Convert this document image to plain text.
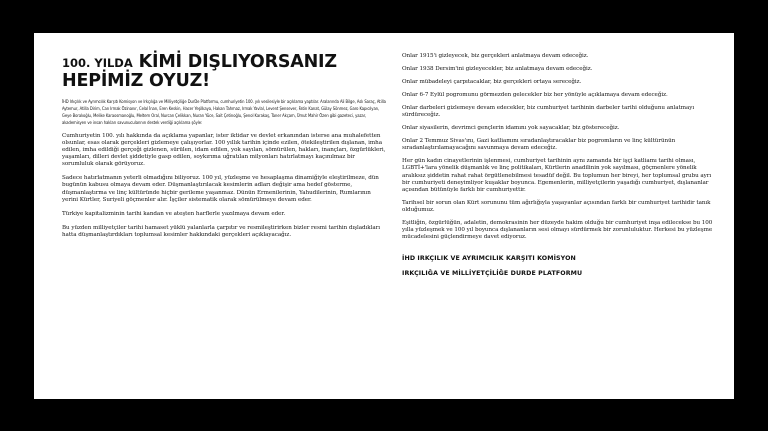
100. YILDA KİMİ DIŞLIYORSANIZ
HEPİMİZ OYUZ!

İHD Irkçılık ve Ayrımcılık Karşıtı Komisyon ve Irkçılığa ve Milliyetçiliğe DurDe Platformu, cumhuriyetin 100. yılı vesilesiyle bir açıklama yaptılar. Aralarında Ali Bilge, Aslı Saraç, Atilla Aytemur, Atilla Dirim, Can Irmak Özinanır, Celal İnan, Eren Keskin, Hacer Yeşilkaya, Hakan Tahmaz, Irmak Yavlal, Levent Şensever, Fatin Kanat, Gülay Sönmez, Garo Kapıcılyan, Geye Boralıoğlu, Melike Karaosmanoğlu, Meltem Oral, Nurcan Çelikkan, Nuran Yüce, Sait Çetinoğlu, Şenol Karakaş, Taner Akçam, Ümut Mahir Özen gibi gazeteci, yazar, akademisyen ve insan hakları savunucularının destek verdiği açıklama şöyle:

Cumhuriyetin 100. yılı hakkında da açıklama yapanlar, ister iktidar ve devlet erkanından isterse ana muhalefetten olsunlar, esas olarak gerçekleri gizlemeye çalışıyorlar. 100 yıllık tarihin içinde ezilen, ötekileştirilen dışlanan, imha edilen, imha edildiği gerçeği gizlenen, sürülen, idam edilen, yok sayılan, sömürülen, hakları, inançları, özgürlükleri, yaşamları, dilleri devlet şiddetiyle gasp edilen, soykırıma uğratılan milyonları hatırlatmayı kaçınılmaz bir sorumluluk olarak görüyoruz.

Sadece hatırlatmanın yeterli olmadığını biliyoruz. 100 yıl, yüzleşme ve hesaplaşma dinamiğiyle eleştirilmeze, dün bugünün kabusu olmaya devam eder. Düşmanlaştırılacak kesimlerin adları değişir ama hedef gösterme, düşmanlaştırma ve linç kültüründe hiçbir gerileme yaşanmaz. Dünün Ermenilerinin, Yahudilerinin, Rumlarının yerini Kürtler, Suriyeli göçmenler alır. İşçiler sistematik olarak sömürülmeye devam eder.

Türkiye kapitalizminin tarihi kandan ve ateşten harflerle yazılmaya devam eder.

Bu yüzden milliyetçiler tarihi hamaset yüklü yalanlarla çarpıtır ve resmileştirirken bizler resmi tarihin dışladıkları hatta düşmanlaştırdıkları toplumsal kesimler hakkındaki gerçekleri açıklayacağız.

Onlar 1915'i gizleyecek, biz gerçekleri anlatmaya devam edeceğiz.

Onlar 1938 Dersim'ini gizleyecekler, biz anlatmaya devam edeceğiz.

Onlar mübadeleyi çarpıtacaklar, biz gerçekleri ortaya sereceğiz.

Onlar 6-7 Eylül pogromunu görmezden gelecekler biz her yönüyle açıklamaya devam edeceğiz.

Onlar darbeleri gizlemeye devam edecekler, biz cumhuriyet tarihinin darbeler tarihi olduğunu anlatmayı sürdüreceğiz.

Onlar siyasilerin, devrimci gençlerin idamını yok sayacaklar, biz göstereceğiz.

Onlar 2 Temmuz Sivas'ını, Gazi katliamını sıradanlaştıracaklar biz pogromların ve linç kültürünün sıradanlaştırılamayacağını savunmaya devam edeceğiz.

Her gün kadın cinayetlerinin işlenmesi, cumhuriyet tarihinin aynı zamanda bir işçi katliamı tarihi olması, LGBTİ+'lara yönelik düşmanlık ve linç politikaları, Kürtlerin anadilinin yok sayılması, göçmenlere yönelik aralıksız şiddetin rahat rahat örgütlenebilmesi tesadüf değil. Bu toplumun her bireyi, her toplumsal grubu ayrı bir cumhuriyeti deneyimliyor kuşaklar boyunca. Egemenlerin, milliyetçilerin yaşadığı cumhuriyet, dışlananlar açısından bütünüyle farklı bir cumhuriyettir.

Tarihsel bir sorun olan Kürt sorununu tüm ağırlığıyla yaşayanlar açısından farklı bir cumhuriyet tarihidir tanık olduğumuz.

Eşitliğin, özgürlüğün, adaletin, demokrasinin her düzeyde hakim olduğu bir cumhuriyet inşa edilecekse bu 100 yılla yüzleşmek ve 100 yıl boyunca dışlananların sesi olmayı sürdürmek bir zorunluluktur. Herkesi bu yüzleşme mücadelesini güçlendirmeye davet ediyoruz.

İHD IRKÇILIK VE AYRIMCILIK KARŞITI KOMİSYON

IRKÇILIĞA VE MİLLİYETÇİLİĞE DURDE PLATFORMU
